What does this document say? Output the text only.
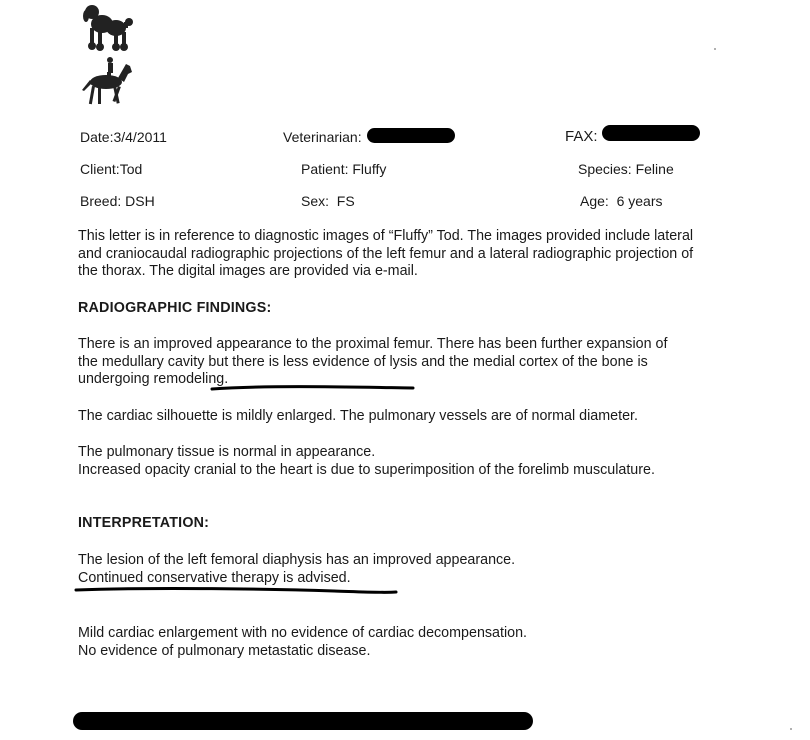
Date:3/4/2011	Veterinarian:	FAX:
Client:Tod	Patient: Fluffy	Species: Feline
Breed: DSH	Sex: FS	Age: 6 years

This letter is in reference to diagnostic images of “Fluffy” Tod. The images provided include lateral and craniocaudal radiographic projections of the left femur and a lateral radiographic projection of the thorax. The digital images are provided via e-mail.

RADIOGRAPHIC FINDINGS:

There is an improved appearance to the proximal femur. There has been further expansion of the medullary cavity but there is less evidence of lysis and the medial cortex of the bone is undergoing remodeling.

The cardiac silhouette is mildly enlarged. The pulmonary vessels are of normal diameter.

The pulmonary tissue is normal in appearance.

Increased opacity cranial to the heart is due to superimposition of the forelimb musculature.

INTERPRETATION:

The lesion of the left femoral diaphysis has an improved appearance.

Continued conservative therapy is advised.

Mild cardiac enlargement with no evidence of cardiac decompensation.

No evidence of pulmonary metastatic disease.
